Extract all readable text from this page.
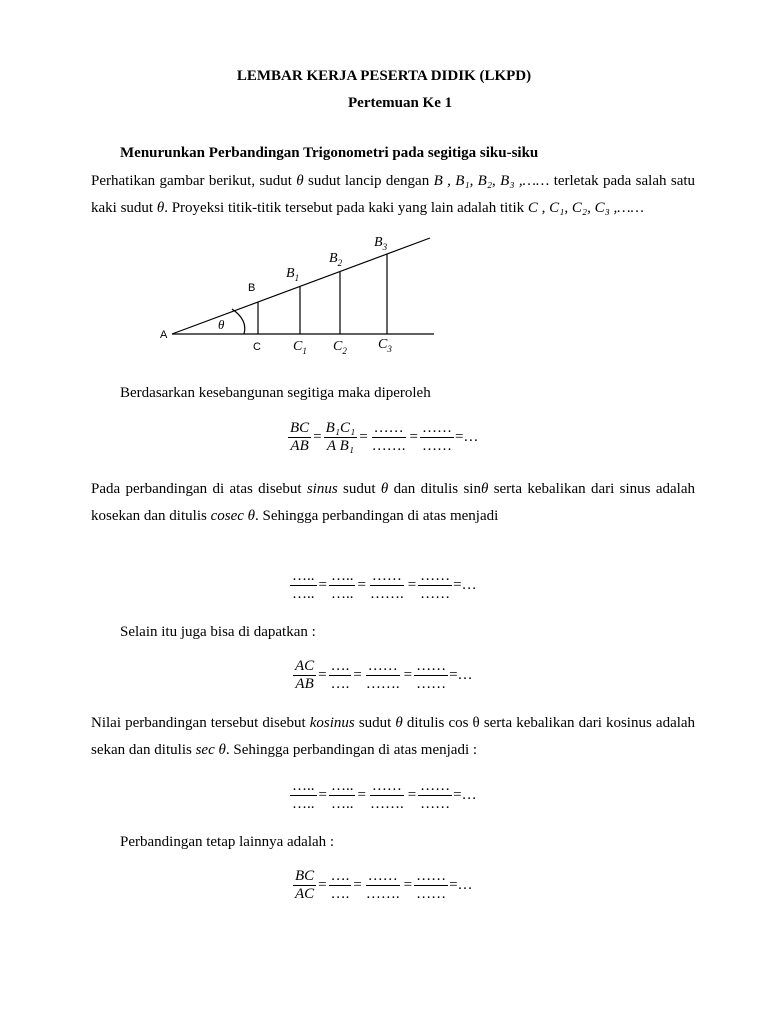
LEMBAR KERJA PESERTA DIDIK (LKPD)
Pertemuan Ke 1
Menurunkan Perbandingan Trigonometri pada segitiga siku-siku
Perhatikan gambar berikut, sudut θ sudut lancip dengan B , B₁, B₂, B₃ ,…… terletak pada salah satu kaki sudut θ. Proyeksi titik-titik tersebut pada kaki yang lain adalah titik C , C₁, C₂, C₃ ,……
A
B
C
θ
$B_1$
$B_2$
$B_3$
$C_1$ $C_2$ $C_3$
Berdasarkan kesebangunan segitiga maka diperoleh
$\frac{BC}{AB} = \frac{\text{B₁C₁}}{\text{A B₁}} = \frac{\dots\dots}{\dots\dots.} = \frac{\dots\dots}{\dots\dots}$ =…
Pada perbandingan di atas disebut sinus sudut θ dan ditulis sinθ serta kebalikan dari sinus adalah kosekan dan ditulis cosec θ. Sehingga perbandingan di atas menjadi
$\frac{\dots..}{\dots..} = \frac{\dots..}{\dots..} = \frac{\dots\dots}{\dots\dots.} = \frac{\dots\dots}{\dots\dots}$ =…
Selain itu juga bisa di dapatkan :
$\frac{AC}{AB} = \frac{\dots.}{\dots.} = \frac{\dots\dots}{\dots\dots.} = \frac{\dots\dots}{\dots\dots}$ =…
Nilai perbandingan tersebut disebut kosinus sudut θ ditulis cos θ serta kebalikan dari kosinus adalah sekan dan ditulis sec θ. Sehingga perbandingan di atas menjadi :
$\frac{\dots..}{\dots..} = \frac{\dots..}{\dots..} = \frac{\dots\dots}{\dots\dots.} = \frac{\dots\dots}{\dots\dots}$ =…
Perbandingan tetap lainnya adalah :
$\frac{BC}{AC} = \frac{\dots.}{\dots.} = \frac{\dots\dots}{\dots\dots.} = \frac{\dots\dots}{\dots\dots}$ =…
